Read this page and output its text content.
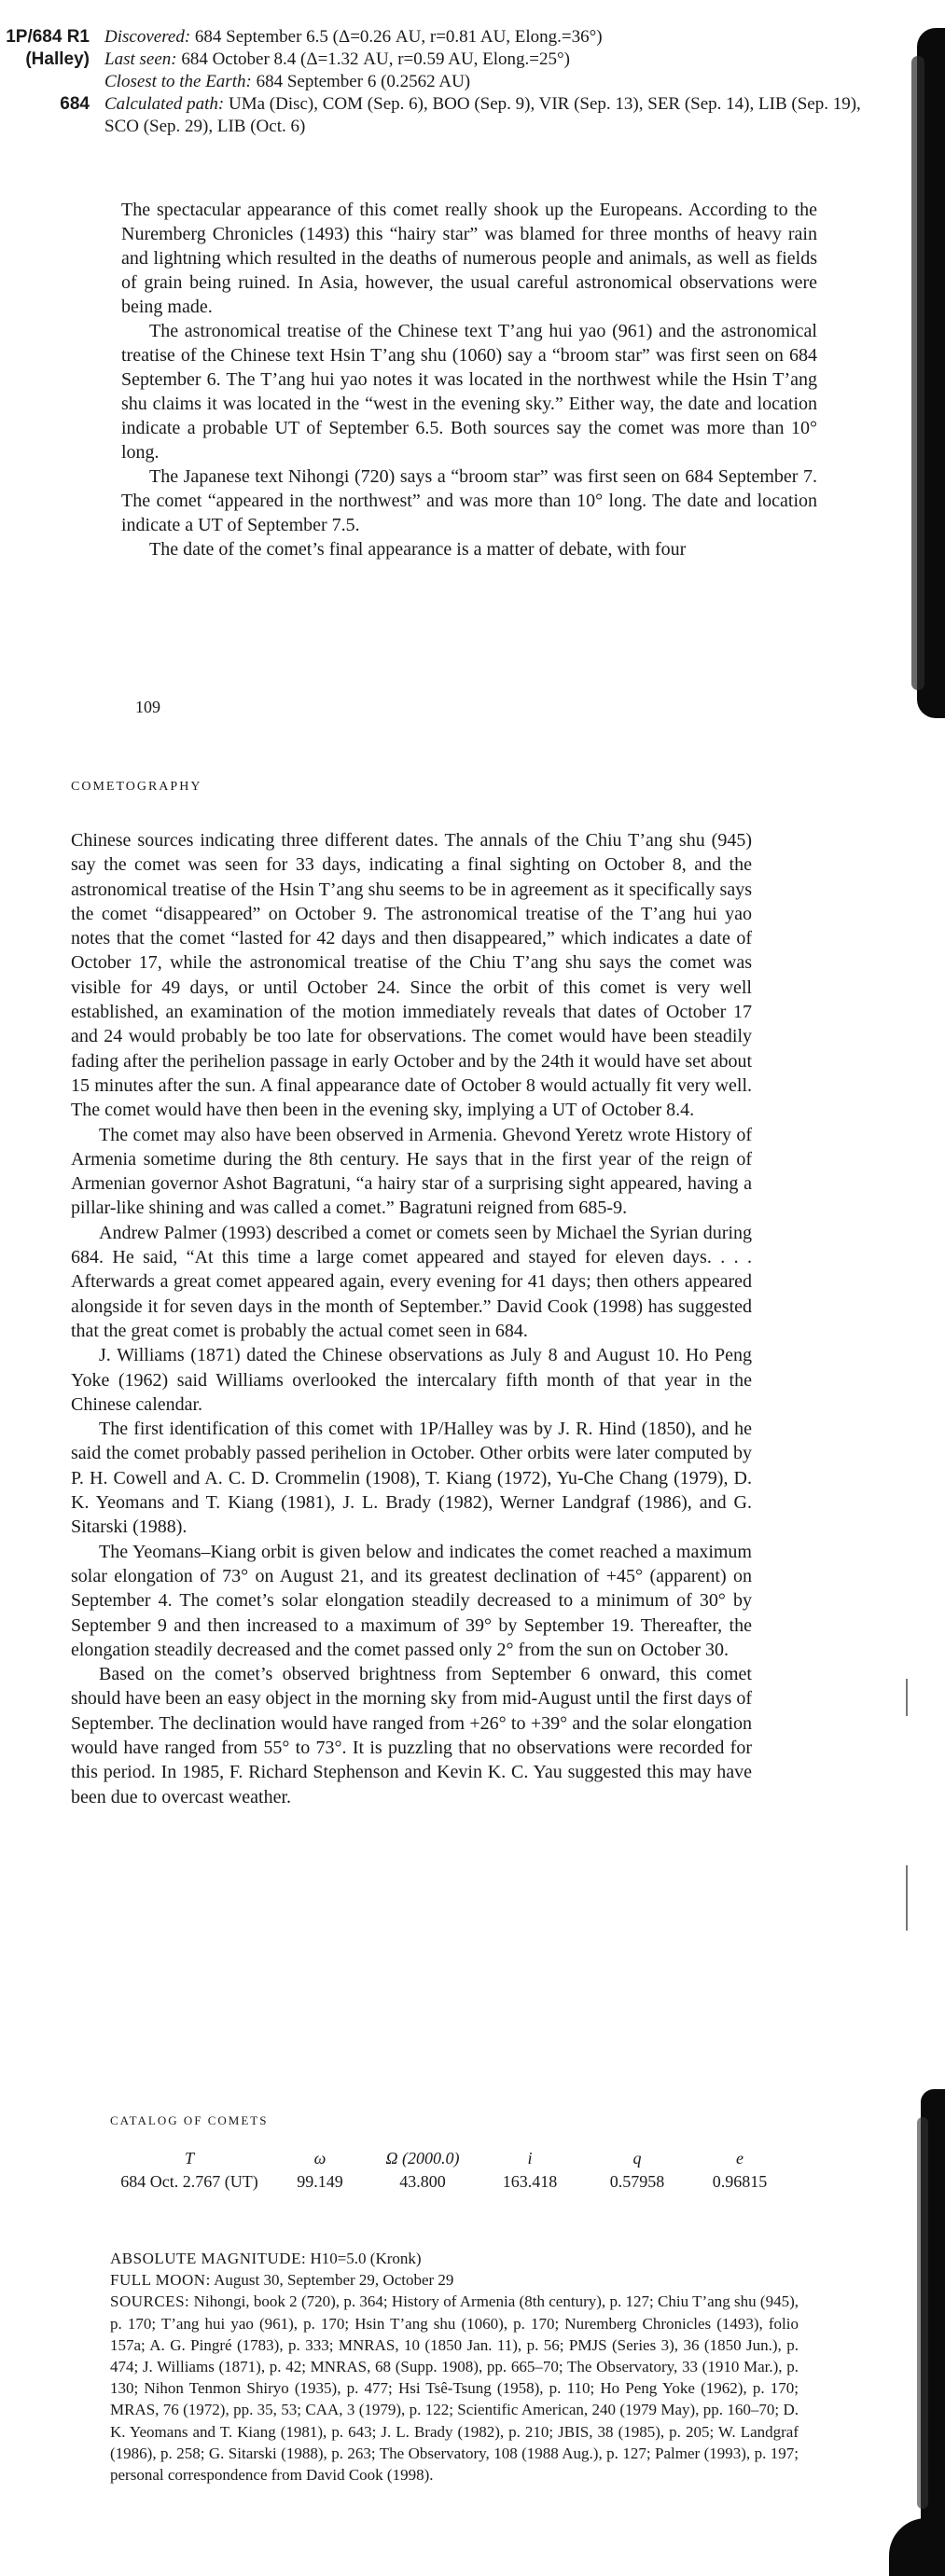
1P/684 R1 Discovered: 684 September 6.5 (Δ=0.26 AU, r=0.81 AU, Elong.=36°)
(Halley) Last seen: 684 October 8.4 (Δ=1.32 AU, r=0.59 AU, Elong.=25°)
Closest to the Earth: 684 September 6 (0.2562 AU)
684 Calculated path: UMa (Disc), COM (Sep. 6), BOO (Sep. 9), VIR (Sep. 13), SER (Sep. 14), LIB (Sep. 19), SCO (Sep. 29), LIB (Oct. 6)

The spectacular appearance of this comet really shook up the Europeans. According to the Nuremberg Chronicles (1493) this “hairy star” was blamed for three months of heavy rain and lightning which resulted in the deaths of numerous people and animals, as well as fields of grain being ruined. In Asia, however, the usual careful astronomical observations were being made.

The astronomical treatise of the Chinese text T’ang hui yao (961) and the astronomical treatise of the Chinese text Hsin T’ang shu (1060) say a “broom star” was first seen on 684 September 6. The T’ang hui yao notes it was located in the northwest while the Hsin T’ang shu claims it was located in the “west in the evening sky.” Either way, the date and location indicate a probable UT of September 6.5. Both sources say the comet was more than 10° long.

The Japanese text Nihongi (720) says a “broom star” was first seen on 684 September 7. The comet “appeared in the northwest” and was more than 10° long. The date and location indicate a UT of September 7.5.

The date of the comet’s final appearance is a matter of debate, with four

109
COMETOGRAPHY

Chinese sources indicating three different dates. The annals of the Chiu T’ang shu (945) say the comet was seen for 33 days, indicating a final sighting on October 8, and the astronomical treatise of the Hsin T’ang shu seems to be in agreement as it specifically says the comet “disappeared” on October 9. The astronomical treatise of the T’ang hui yao notes that the comet “lasted for 42 days and then disappeared,” which indicates a date of October 17, while the astronomical treatise of the Chiu T’ang shu says the comet was visible for 49 days, or until October 24. Since the orbit of this comet is very well established, an examination of the motion immediately reveals that dates of October 17 and 24 would probably be too late for observations. The comet would have been steadily fading after the perihelion passage in early October and by the 24th it would have set about 15 minutes after the sun. A final appearance date of October 8 would actually fit very well. The comet would have then been in the evening sky, implying a UT of October 8.4.

The comet may also have been observed in Armenia. Ghevond Yeretz wrote History of Armenia sometime during the 8th century. He says that in the first year of the reign of Armenian governor Ashot Bagratuni, “a hairy star of a surprising sight appeared, having a pillar-like shining and was called a comet.” Bagratuni reigned from 685-9.

Andrew Palmer (1993) described a comet or comets seen by Michael the Syrian during 684. He said, “At this time a large comet appeared and stayed for eleven days. . . . Afterwards a great comet appeared again, every evening for 41 days; then others appeared alongside it for seven days in the month of September.” David Cook (1998) has suggested that the great comet is probably the actual comet seen in 684.

J. Williams (1871) dated the Chinese observations as July 8 and August 10. Ho Peng Yoke (1962) said Williams overlooked the intercalary fifth month of that year in the Chinese calendar.

The first identification of this comet with 1P/Halley was by J. R. Hind (1850), and he said the comet probably passed perihelion in October. Other orbits were later computed by P. H. Cowell and A. C. D. Crommelin (1908), T. Kiang (1972), Yu-Che Chang (1979), D. K. Yeomans and T. Kiang (1981), J. L. Brady (1982), Werner Landgraf (1986), and G. Sitarski (1988).

The Yeomans–Kiang orbit is given below and indicates the comet reached a maximum solar elongation of 73° on August 21, and its greatest declination of +45° (apparent) on September 4. The comet’s solar elongation steadily decreased to a minimum of 30° by September 9 and then increased to a maximum of 39° by September 19. Thereafter, the elongation steadily decreased and the comet passed only 2° from the sun on October 30.

Based on the comet’s observed brightness from September 6 onward, this comet should have been an easy object in the morning sky from mid-August until the first days of September. The declination would have ranged from +26° to +39° and the solar elongation would have ranged from 55° to 73°. It is puzzling that no observations were recorded for this period. In 1985, F. Richard Stephenson and Kevin K. C. Yau suggested this may have been due to overcast weather.

CATALOG OF COMETS
T	ω	Ω (2000.0)	i	q	e
684 Oct. 2.767 (UT)	99.149	43.800	163.418	0.57958	0.96815

ABSOLUTE MAGNITUDE: H10=5.0 (Kronk)

FULL MOON: August 30, September 29, October 29

SOURCES: Nihongi, book 2 (720), p. 364; History of Armenia (8th century), p. 127; Chiu T’ang shu (945), p. 170; T’ang hui yao (961), p. 170; Hsin T’ang shu (1060), p. 170; Nuremberg Chronicles (1493), folio 157a; A. G. Pingré (1783), p. 333; MNRAS, 10 (1850 Jan. 11), p. 56; PMJS (Series 3), 36 (1850 Jun.), p. 474; J. Williams (1871), p. 42; MNRAS, 68 (Supp. 1908), pp. 665–70; The Observatory, 33 (1910 Mar.), p. 130; Nihon Tenmon Shiryo (1935), p. 477; Hsi Tsê-Tsung (1958), p. 110; Ho Peng Yoke (1962), p. 170; MRAS, 76 (1972), pp. 35, 53; CAA, 3 (1979), p. 122; Scientific American, 240 (1979 May), pp. 160–70; D. K. Yeomans and T. Kiang (1981), p. 643; J. L. Brady (1982), p. 210; JBIS, 38 (1985), p. 205; W. Landgraf (1986), p. 258; G. Sitarski (1988), p. 263; The Observatory, 108 (1988 Aug.), p. 127; Palmer (1993), p. 197; personal correspondence from David Cook (1998).
